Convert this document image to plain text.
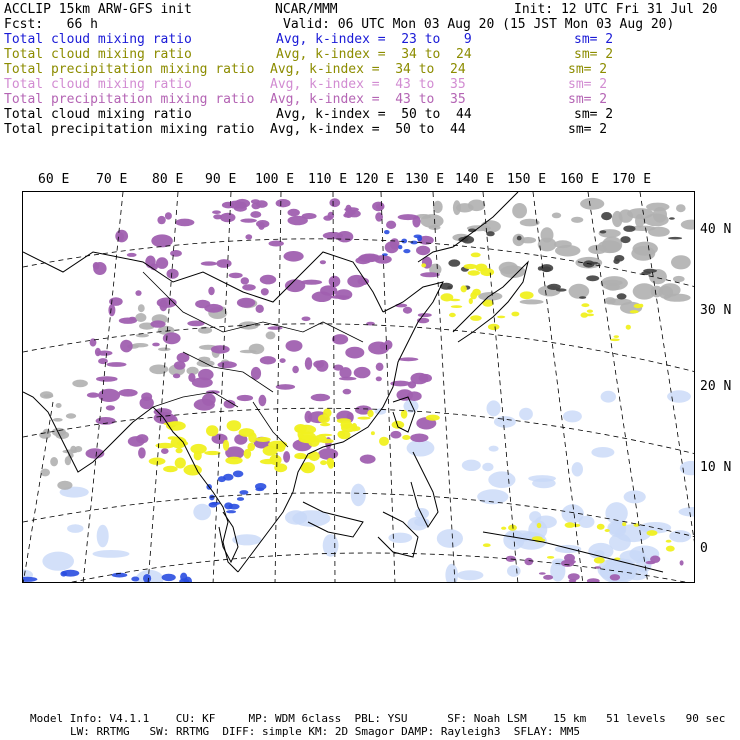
ACCLIP 15km ARW-GFS init	NCAR/MMM	Init: 12 UTC Fri 31 Jul 20
Fcst:   66 h	Valid: 06 UTC Mon 03 Aug 20 (15 JST Mon 03 Aug 20)
Total cloud mixing ratio	Avg, k-index =  23 to   9	sm= 2
Total cloud mixing ratio	Avg, k-index =  34 to  24	sm= 2
Total precipitation mixing ratio Avg, k-index =  34 to  24	sm= 2
Total cloud mixing ratio	Avg, k-index =  43 to  35	sm= 2
Total precipitation mixing ratio Avg, k-index =  43 to  35	sm= 2
Total cloud mixing ratio	Avg, k-index =  50 to  44	sm= 2
Total precipitation mixing ratio Avg, k-index =  50 to  44	sm= 2
60 E 70 E 80 E 90 E 100 E 110 E 120 E 130 E 140 E 150 E 160 E 170 E
40 N
30 N
20 N
10 N
0
Model Info: V4.1.1    CU: KF     MP: WDM 6class  PBL: YSU      SF: Noah LSM    15 km   51 levels   90 sec
LW: RRTMG   SW: RRTMG  DIFF: simple KM: 2D Smagor DAMP: Rayleigh3  SFLAY: MM5
